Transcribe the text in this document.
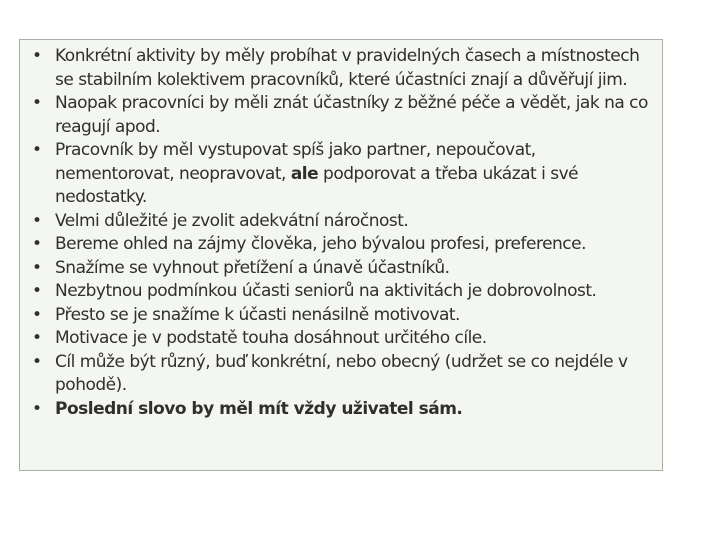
• Konkrétní aktivity by měly probíhat v pravidelných časech a místnostech se stabilním kolektivem pracovníků, které účastníci znají a důvěřují jim.
• Naopak pracovníci by měli znát účastníky z běžné péče a vědět, jak na co reagují apod.
• Pracovník by měl vystupovat spíš jako partner, nepoučovat, nementorovat, neopravovat, ale podporovat a třeba ukázat i své nedostatky.
• Velmi důležité je zvolit adekvátní náročnost.
• Bereme ohled na zájmy člověka, jeho bývalou profesi, preference.
• Snažíme se vyhnout přetížení a únavě účastníků.
• Nezbytnou podmínkou účasti seniorů na aktivitách je dobrovolnost.
• Přesto se je snažíme k účasti nenásilně motivovat.
• Motivace je v podstatě touha dosáhnout určitého cíle.
• Cíl může být různý, buď konkrétní, nebo obecný (udržet se co nejdéle v pohodě).
• Poslední slovo by měl mít vždy uživatel sám.
